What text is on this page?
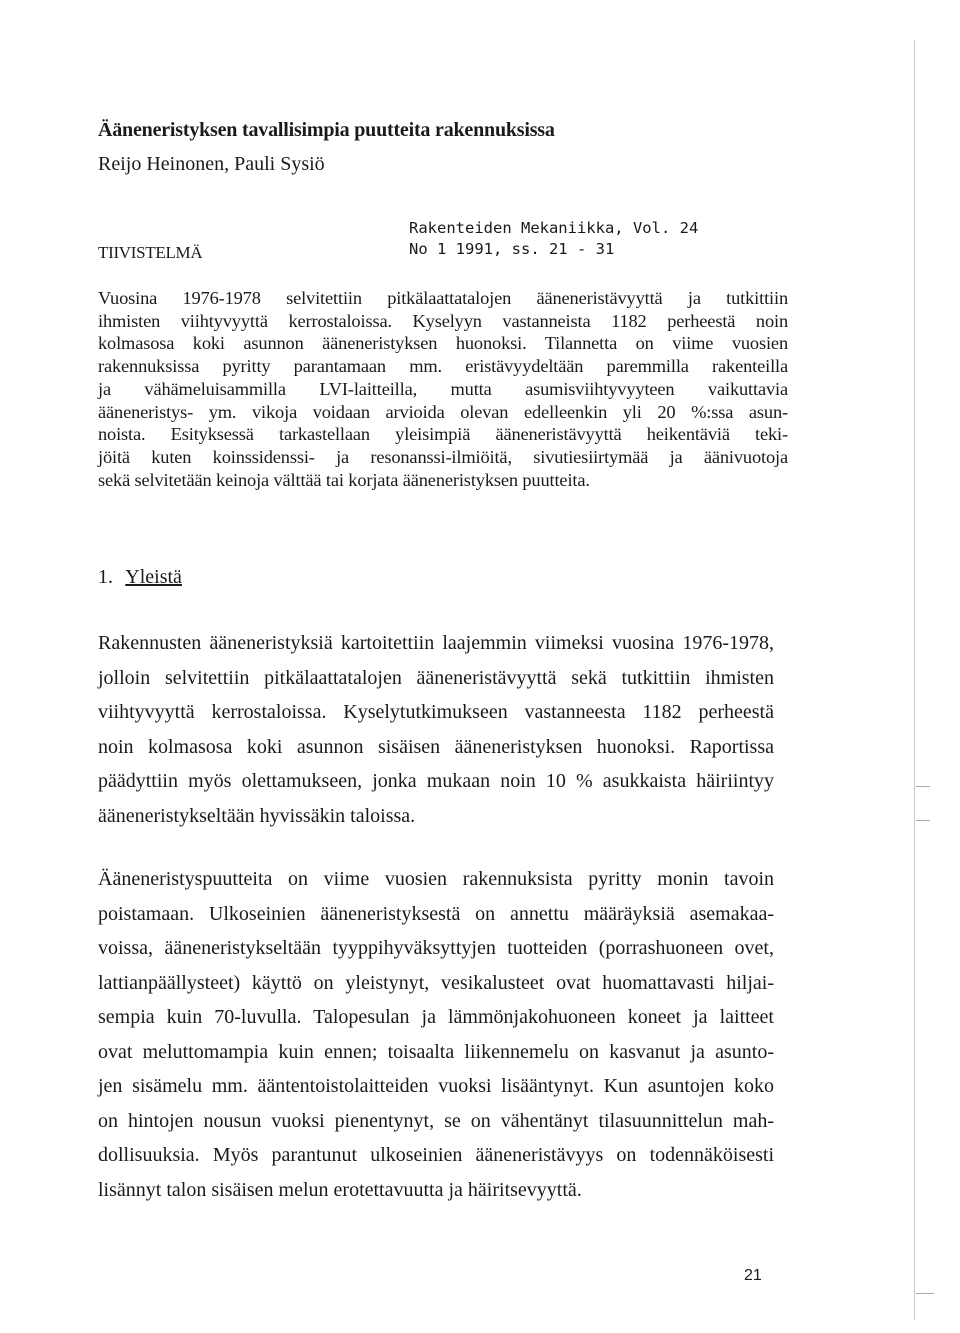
Ääneneristyksen tavallisimpia puutteita rakennuksissa
Reijo Heinonen, Pauli Sysiö
Rakenteiden Mekaniikka, Vol. 24
No 1 1991, ss. 21 - 31
TIIVISTELMÄ
Vuosina 1976-1978 selvitettiin pitkälaattatalojen ääneneristävyyttä ja tutkittiin
ihmisten viihtyvyyttä kerrostaloissa. Kyselyyn vastanneista 1182 perheestä noin
kolmasosa koki asunnon ääneneristyksen huonoksi. Tilannetta on viime vuosien
rakennuksissa pyritty parantamaan mm. eristävyydeltään paremmilla rakenteilla
ja vähämeluisammilla LVI-laitteilla, mutta asumisviihtyvyyteen vaikuttavia
ääneneristys- ym. vikoja voidaan arvioida olevan edelleenkin yli 20 %:ssa asun-
noista. Esityksessä tarkastellaan yleisimpiä ääneneristävyyttä heikentäviä teki-
jöitä kuten koinssidenssi- ja resonanssi-ilmiöitä, sivutiesiirtymää ja äänivuotoja
sekä selvitetään keinoja välttää tai korjata ääneneristyksen puutteita.
1. Yleistä
Rakennusten ääneneristyksiä kartoitettiin laajemmin viimeksi vuosina 1976-1978,
jolloin selvitettiin pitkälaattatalojen ääneneristävyyttä sekä tutkittiin ihmisten
viihtyvyyttä kerrostaloissa. Kyselytutkimukseen vastanneesta 1182 perheestä
noin kolmasosa koki asunnon sisäisen ääneneristyksen huonoksi. Raportissa
päädyttiin myös olettamukseen, jonka mukaan noin 10 % asukkaista häiriintyy
ääneneristykseltään hyvissäkin taloissa.
Ääneneristyspuutteita on viime vuosien rakennuksista pyritty monin tavoin
poistamaan. Ulkoseinien ääneneristyksestä on annettu määräyksiä asemakaa-
voissa, ääneneristykseltään tyyppihyväksyttyjen tuotteiden (porrashuoneen ovet,
lattianpäällysteet) käyttö on yleistynyt, vesikalusteet ovat huomattavasti hiljai-
sempia kuin 70-luvulla. Talopesulan ja lämmönjakohuoneen koneet ja laitteet
ovat meluttomampia kuin ennen; toisaalta liikennemelu on kasvanut ja asunto-
jen sisämelu mm. ääntentoistolaitteiden vuoksi lisääntynyt. Kun asuntojen koko
on hintojen nousun vuoksi pienentynyt, se on vähentänyt tilasuunnittelun mah-
dollisuuksia. Myös parantunut ulkoseinien ääneneristävyys on todennäköisesti
lisännyt talon sisäisen melun erotettavuutta ja häiritsevyyttä.
21
